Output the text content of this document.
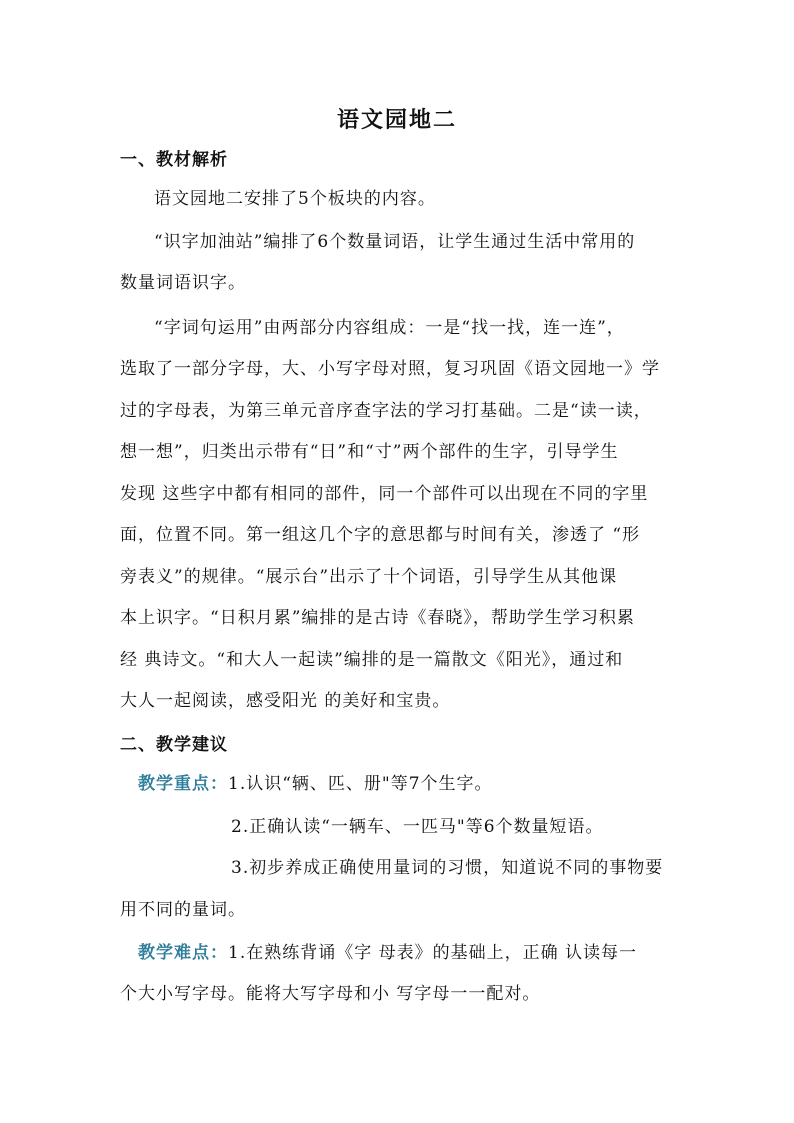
语文园地二
一、教材解析
语文园地二安排了5个板块的内容。
“识字加油站”编排了6个数量词语，让学生通过生活中常用的
数量词语识字。
“字词句运用”由两部分内容组成：一是“找一找，连一连”，
选取了一部分字母，大、小写字母对照，复习巩固《语文园地一》学
过的字母表，为第三单元音序查字法的学习打基础。二是“读一读，
想一想”，归类出示带有“日”和“寸”两个部件的生字，引导学生
发现 这些字中都有相同的部件，同一个部件可以出现在不同的字里
面，位置不同。第一组这几个字的意思都与时间有关，渗透了 “形
旁表义”的规律。“展示台”出示了十个词语，引导学生从其他课
本上识字。“日积月累”编排的是古诗《春晓》，帮助学生学习积累
经 典诗文。“和大人一起读”编排的是一篇散文《阳光》，通过和
大人一起阅读，感受阳光 的美好和宝贵。
二、教学建议
教学重点：1.认识“辆、匹、册"等7个生字。
2.正确认读“一辆车、一匹马"等6个数量短语。
3.初步养成正确使用量词的习惯，知道说不同的事物要
用不同的量词。
教学难点：1.在熟练背诵《字 母表》的基础上，正确 认读每一
个大小写字母。能将大写字母和小 写字母一一配对。
